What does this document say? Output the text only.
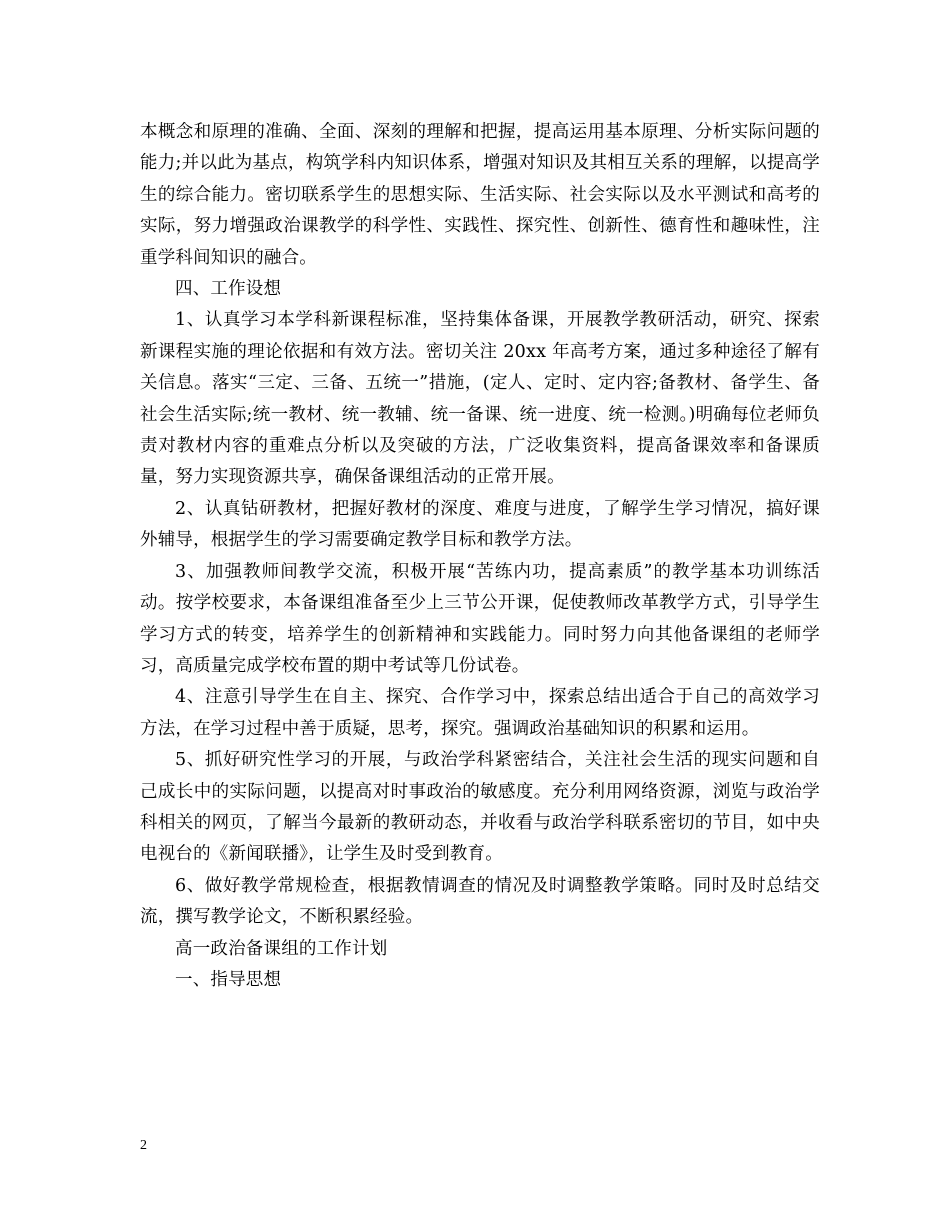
本概念和原理的准确、全面、深刻的理解和把握，提高运用基本原理、分析实际问题的能力;并以此为基点，构筑学科内知识体系，增强对知识及其相互关系的理解，以提高学生的综合能力。密切联系学生的思想实际、生活实际、社会实际以及水平测试和高考的实际，努力增强政治课教学的科学性、实践性、探究性、创新性、德育性和趣味性，注重学科间知识的融合。

四、工作设想

1、认真学习本学科新课程标准，坚持集体备课，开展教学教研活动，研究、探索新课程实施的理论依据和有效方法。密切关注 20xx 年高考方案，通过多种途径了解有关信息。落实“三定、三备、五统一”措施，(定人、定时、定内容;备教材、备学生、备社会生活实际;统一教材、统一教辅、统一备课、统一进度、统一检测。)明确每位老师负责对教材内容的重难点分析以及突破的方法，广泛收集资料，提高备课效率和备课质量，努力实现资源共享，确保备课组活动的正常开展。

2、认真钻研教材，把握好教材的深度、难度与进度，了解学生学习情况，搞好课外辅导，根据学生的学习需要确定教学目标和教学方法。

3、加强教师间教学交流，积极开展“苦练内功，提高素质”的教学基本功训练活动。按学校要求，本备课组准备至少上三节公开课，促使教师改革教学方式，引导学生学习方式的转变，培养学生的创新精神和实践能力。同时努力向其他备课组的老师学习，高质量完成学校布置的期中考试等几份试卷。

4、注意引导学生在自主、探究、合作学习中，探索总结出适合于自己的高效学习方法，在学习过程中善于质疑，思考，探究。强调政治基础知识的积累和运用。

5、抓好研究性学习的开展，与政治学科紧密结合，关注社会生活的现实问题和自己成长中的实际问题，以提高对时事政治的敏感度。充分利用网络资源，浏览与政治学科相关的网页，了解当今最新的教研动态，并收看与政治学科联系密切的节目，如中央电视台的《新闻联播》，让学生及时受到教育。

6、做好教学常规检查，根据教情调查的情况及时调整教学策略。同时及时总结交流，撰写教学论文，不断积累经验。

高一政治备课组的工作计划

一、指导思想

2
